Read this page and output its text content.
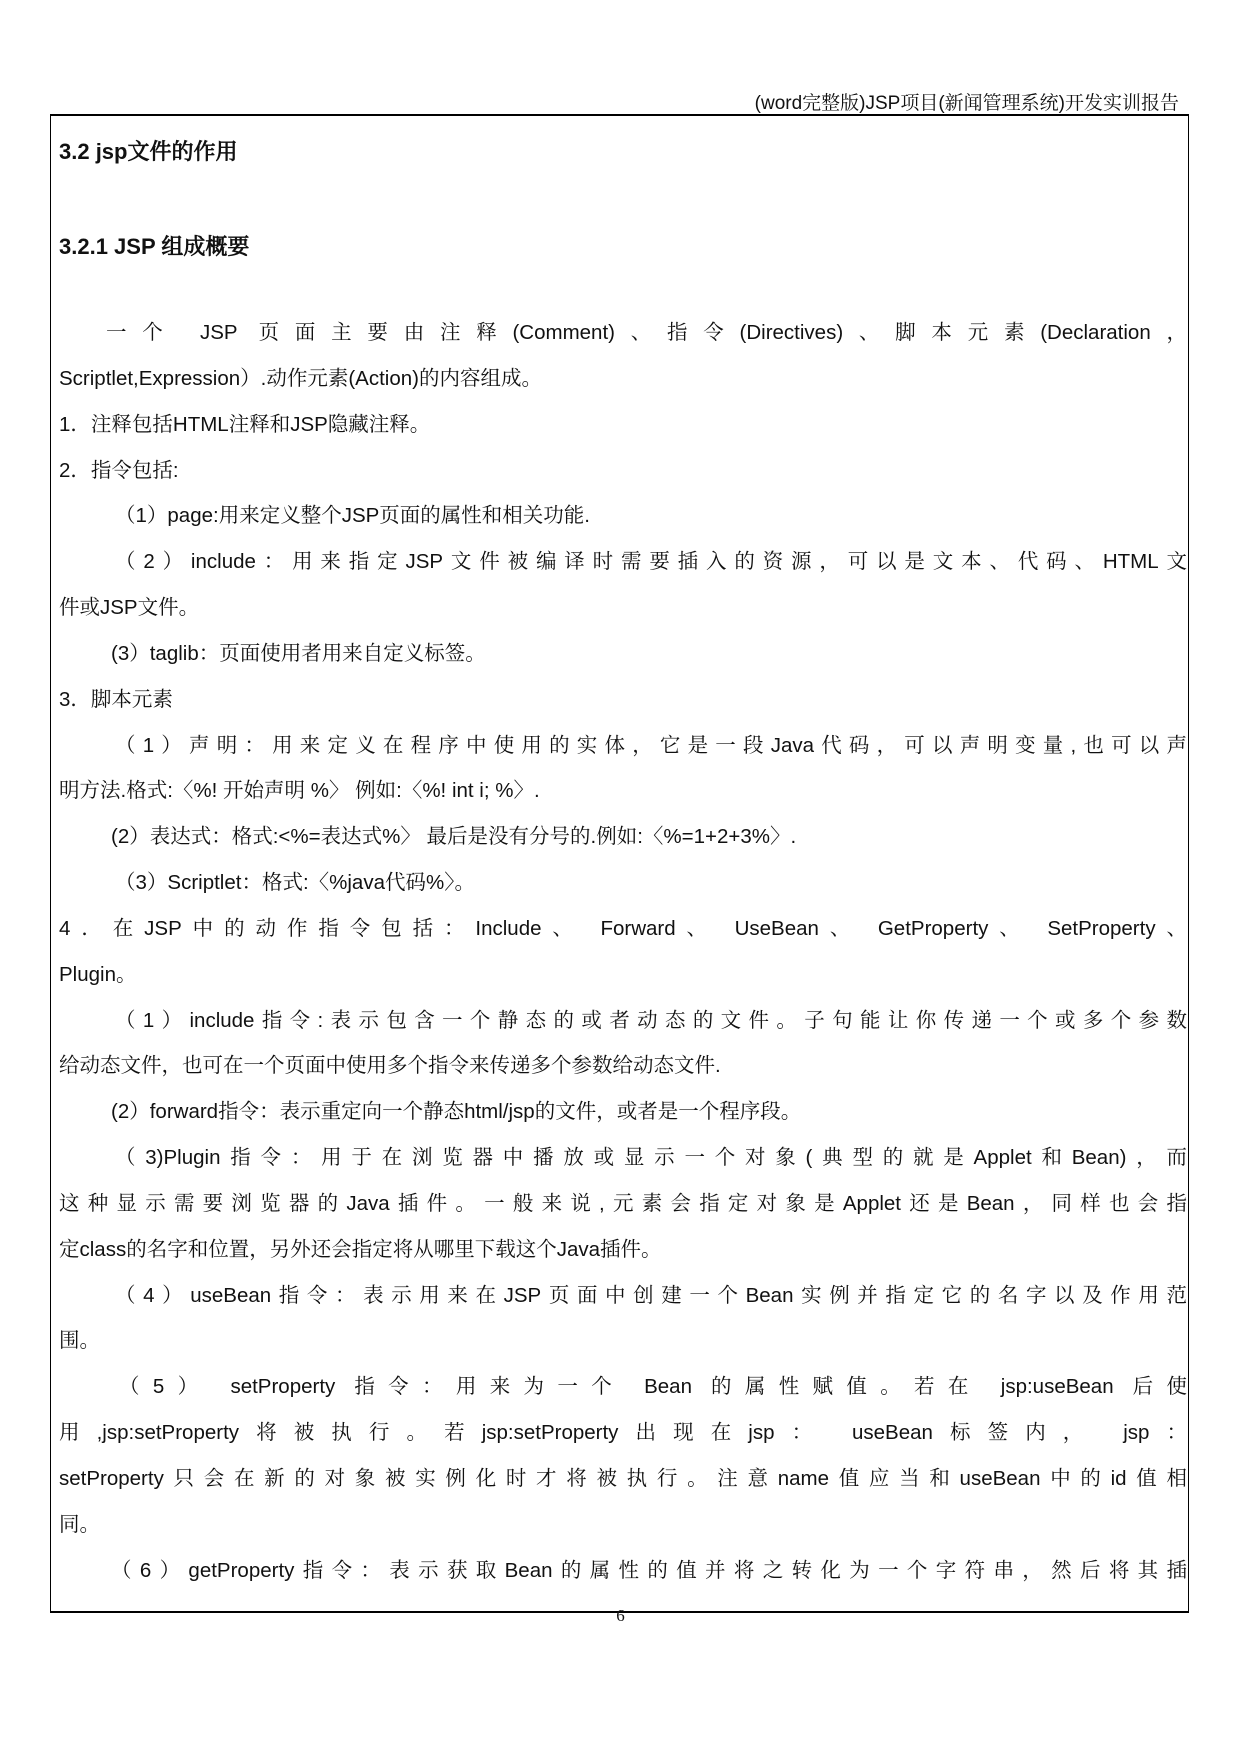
(word完整版)JSP项目(新闻管理系统)开发实训报告
3.2 jsp文件的作用
3.2.1 JSP 组成概要
一个 JSP 页面主要由注释(Comment)、指令(Directives)、脚本元素(Declaration，
Scriptlet,Expression）.动作元素(Action)的内容组成。
1．注释包括HTML注释和JSP隐藏注释。
2．指令包括:
（1）page:用来定义整个JSP页面的属性和相关功能.
（2）include：用来指定JSP文件被编译时需要插入的资源，可以是文本、代码、HTML文
件或JSP文件。
(3）taglib：页面使用者用来自定义标签。
3．脚本元素
（1）声明：用来定义在程序中使用的实体，它是一段Java代码，可以声明变量,也可以声
明方法.格式:〈%! 开始声明 %〉 例如:〈%! int i; %〉.
(2）表达式：格式:<%=表达式%〉 最后是没有分号的.例如:〈%=1+2+3%〉.
（3）Scriptlet：格式:〈%java代码%〉。
4．在JSP中的动作指令包括：Include、 Forward、 UseBean、 GetProperty、 SetProperty、
Plugin。
（1）include指令:表示包含一个静态的或者动态的文件。子句能让你传递一个或多个参数
给动态文件，也可在一个页面中使用多个指令来传递多个参数给动态文件.
(2）forward指令：表示重定向一个静态html/jsp的文件，或者是一个程序段。
（3)Plugin指令：用于在浏览器中播放或显示一个对象(典型的就是Applet和Bean)，而
这种显示需要浏览器的Java插件。一般来说,元素会指定对象是Applet还是Bean，同样也会指
定class的名字和位置，另外还会指定将从哪里下载这个Java插件。
（4）useBean指令：表示用来在JSP页面中创建一个Bean实例并指定它的名字以及作用范
围。
（5） setProperty 指令：用来为一个 Bean 的属性赋值。若在 jsp:useBean 后使
用,jsp:setProperty将被执行。若jsp:setProperty出现在jsp： useBean标签内， jsp：
setProperty只会在新的对象被实例化时才将被执行。注意name值应当和useBean中的id值相
同。
（6）getProperty指令：表示获取Bean的属性的值并将之转化为一个字符串，然后将其插
6
